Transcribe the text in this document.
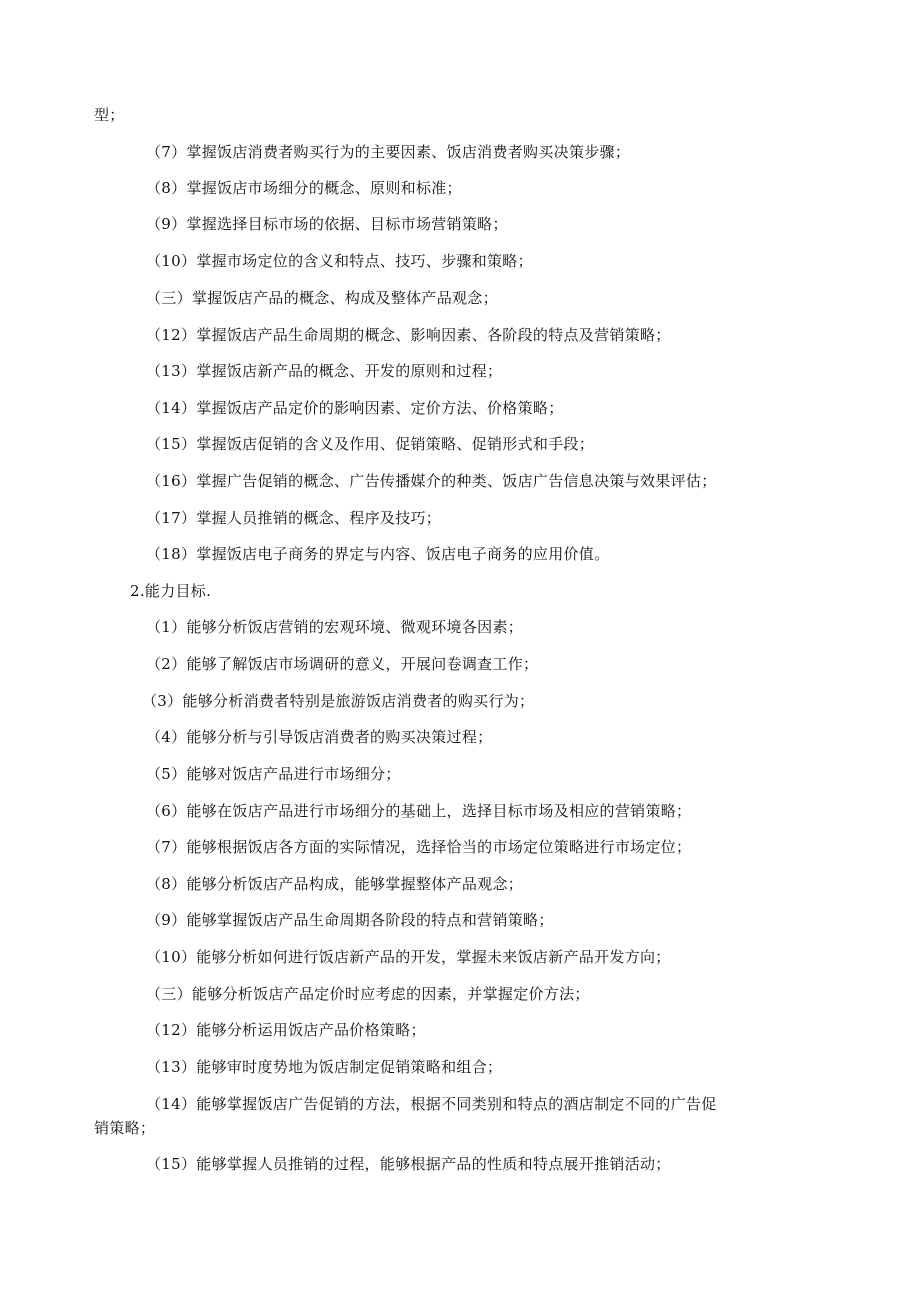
型；
（7）掌握饭店消费者购买行为的主要因素、饭店消费者购买决策步骤；
（8）掌握饭店市场细分的概念、原则和标准；
（9）掌握选择目标市场的依据、目标市场营销策略；
（10）掌握市场定位的含义和特点、技巧、步骤和策略；
（三）掌握饭店产品的概念、构成及整体产品观念；
（12）掌握饭店产品生命周期的概念、影响因素、各阶段的特点及营销策略；
（13）掌握饭店新产品的概念、开发的原则和过程；
（14）掌握饭店产品定价的影响因素、定价方法、价格策略；
（15）掌握饭店促销的含义及作用、促销策略、促销形式和手段；
（16）掌握广告促销的概念、广告传播媒介的种类、饭店广告信息决策与效果评估；
（17）掌握人员推销的概念、程序及技巧；
（18）掌握饭店电子商务的界定与内容、饭店电子商务的应用价值。
2.能力目标.
（1）能够分析饭店营销的宏观环境、微观环境各因素；
（2）能够了解饭店市场调研的意义，开展问卷调查工作；
（3）能够分析消费者特别是旅游饭店消费者的购买行为；
（4）能够分析与引导饭店消费者的购买决策过程；
（5）能够对饭店产品进行市场细分；
（6）能够在饭店产品进行市场细分的基础上，选择目标市场及相应的营销策略；
（7）能够根据饭店各方面的实际情况，选择恰当的市场定位策略进行市场定位；
（8）能够分析饭店产品构成，能够掌握整体产品观念；
（9）能够掌握饭店产品生命周期各阶段的特点和营销策略；
（10）能够分析如何进行饭店新产品的开发，掌握未来饭店新产品开发方向；
（三）能够分析饭店产品定价时应考虑的因素，并掌握定价方法；
（12）能够分析运用饭店产品价格策略；
（13）能够审时度势地为饭店制定促销策略和组合；
（14）能够掌握饭店广告促销的方法，根据不同类别和特点的酒店制定不同的广告促
销策略；
（15）能够掌握人员推销的过程，能够根据产品的性质和特点展开推销活动；
